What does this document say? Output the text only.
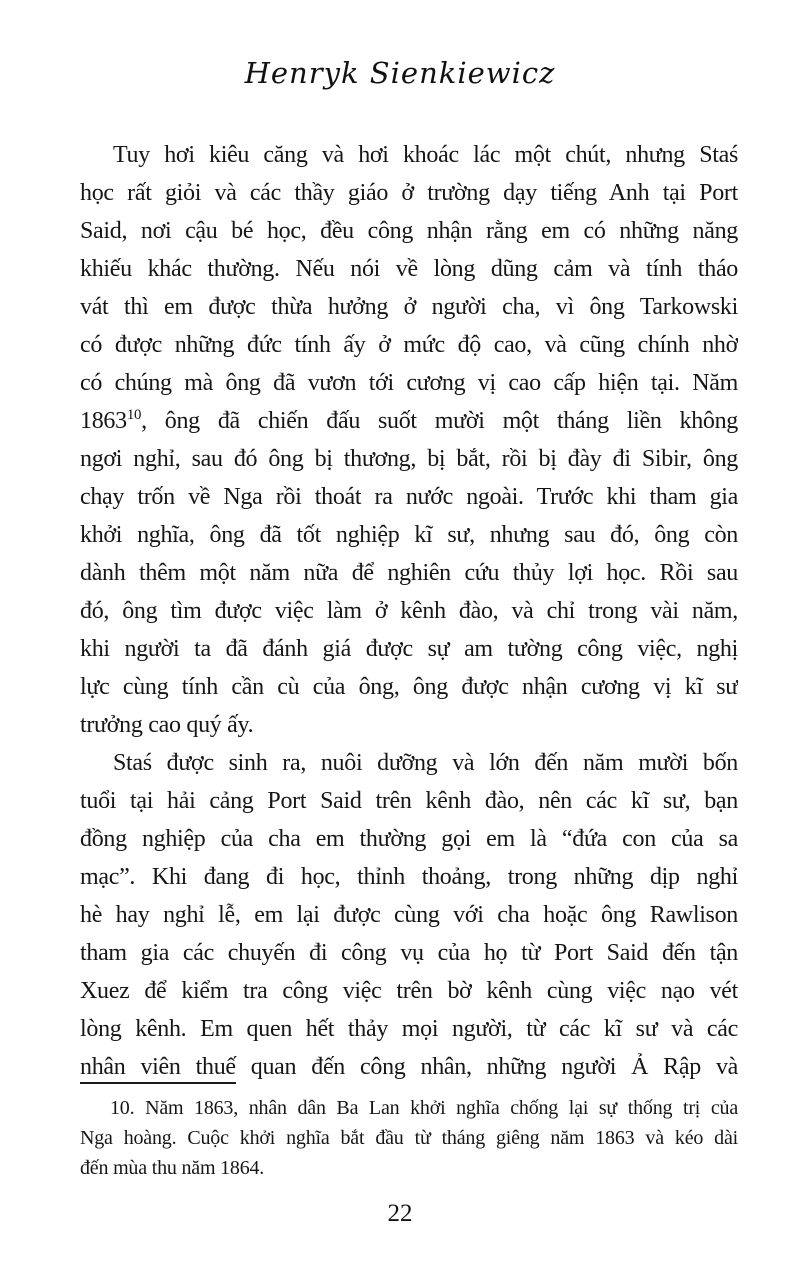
Henryk Sienkiewicz
Tuy hơi kiêu căng và hơi khoác lác một chút, nhưng Staś
học rất giỏi và các thầy giáo ở trường dạy tiếng Anh tại Port
Said, nơi cậu bé học, đều công nhận rằng em có những năng
khiếu khác thường. Nếu nói về lòng dũng cảm và tính tháo
vát thì em được thừa hưởng ở người cha, vì ông Tarkowski
có được những đức tính ấy ở mức độ cao, và cũng chính nhờ
có chúng mà ông đã vươn tới cương vị cao cấp hiện tại. Năm
1863$^{10}$, ông đã chiến đấu suốt mười một tháng liền không
ngơi nghỉ, sau đó ông bị thương, bị bắt, rồi bị đày đi Sibir, ông
chạy trốn về Nga rồi thoát ra nước ngoài. Trước khi tham gia
khởi nghĩa, ông đã tốt nghiệp kĩ sư, nhưng sau đó, ông còn
dành thêm một năm nữa để nghiên cứu thủy lợi học. Rồi sau
đó, ông tìm được việc làm ở kênh đào, và chỉ trong vài năm,
khi người ta đã đánh giá được sự am tường công việc, nghị
lực cùng tính cần cù của ông, ông được nhận cương vị kĩ sư
trưởng cao quý ấy.
Staś được sinh ra, nuôi dưỡng và lớn đến năm mười bốn
tuổi tại hải cảng Port Said trên kênh đào, nên các kĩ sư, bạn
đồng nghiệp của cha em thường gọi em là “đứa con của sa
mạc”. Khi đang đi học, thỉnh thoảng, trong những dịp nghỉ
hè hay nghỉ lễ, em lại được cùng với cha hoặc ông Rawlison
tham gia các chuyến đi công vụ của họ từ Port Said đến tận
Xuez để kiểm tra công việc trên bờ kênh cùng việc nạo vét
lòng kênh. Em quen hết thảy mọi người, từ các kĩ sư và các
nhân viên thuế quan đến công nhân, những người Ả Rập và
10. Năm 1863, nhân dân Ba Lan khởi nghĩa chống lại sự thống trị của
Nga hoàng. Cuộc khởi nghĩa bắt đầu từ tháng giêng năm 1863 và kéo dài
đến mùa thu năm 1864.
22
